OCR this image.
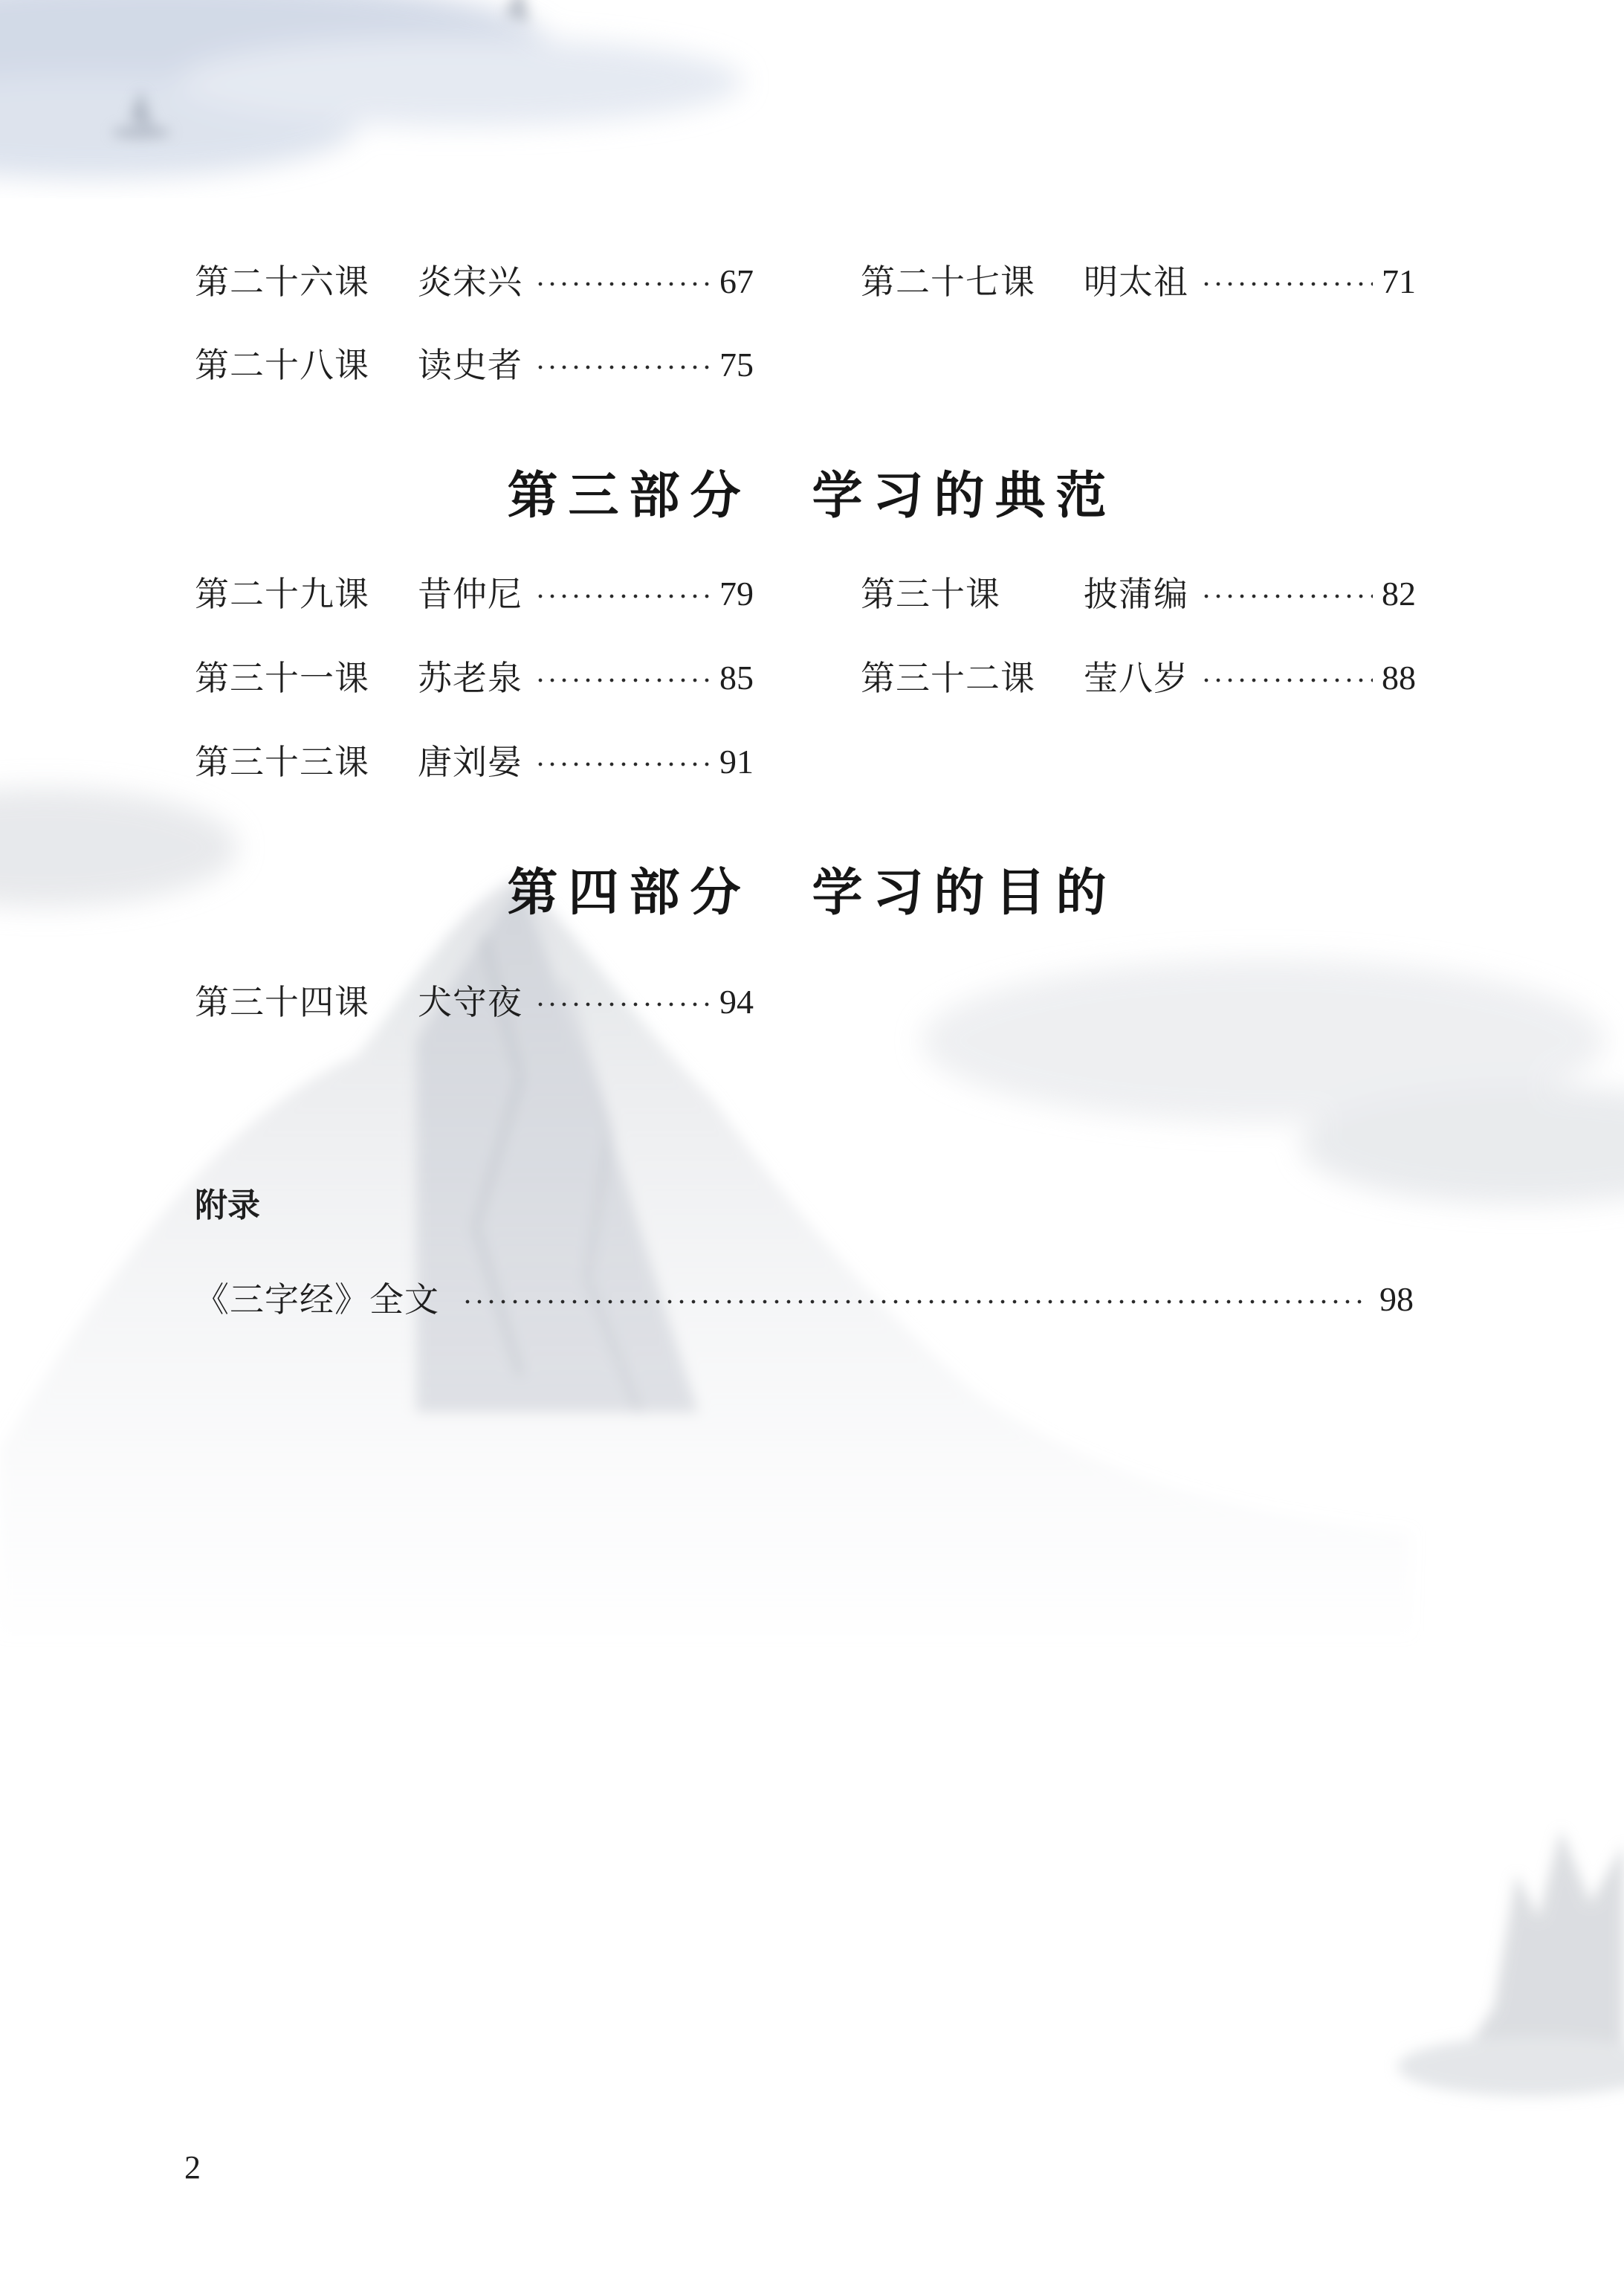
第二十六课	炎宋兴	67	第二十七课	明太祖	71
第二十八课	读史者	75
第三部分　学习的典范
第二十九课	昔仲尼	79	第三十课	披蒲编	82
第三十一课	苏老泉	85	第三十二课	莹八岁	88
第三十三课	唐刘晏	91
第四部分　学习的目的
第三十四课	犬守夜	94
附录
《三字经》全文	98
2
